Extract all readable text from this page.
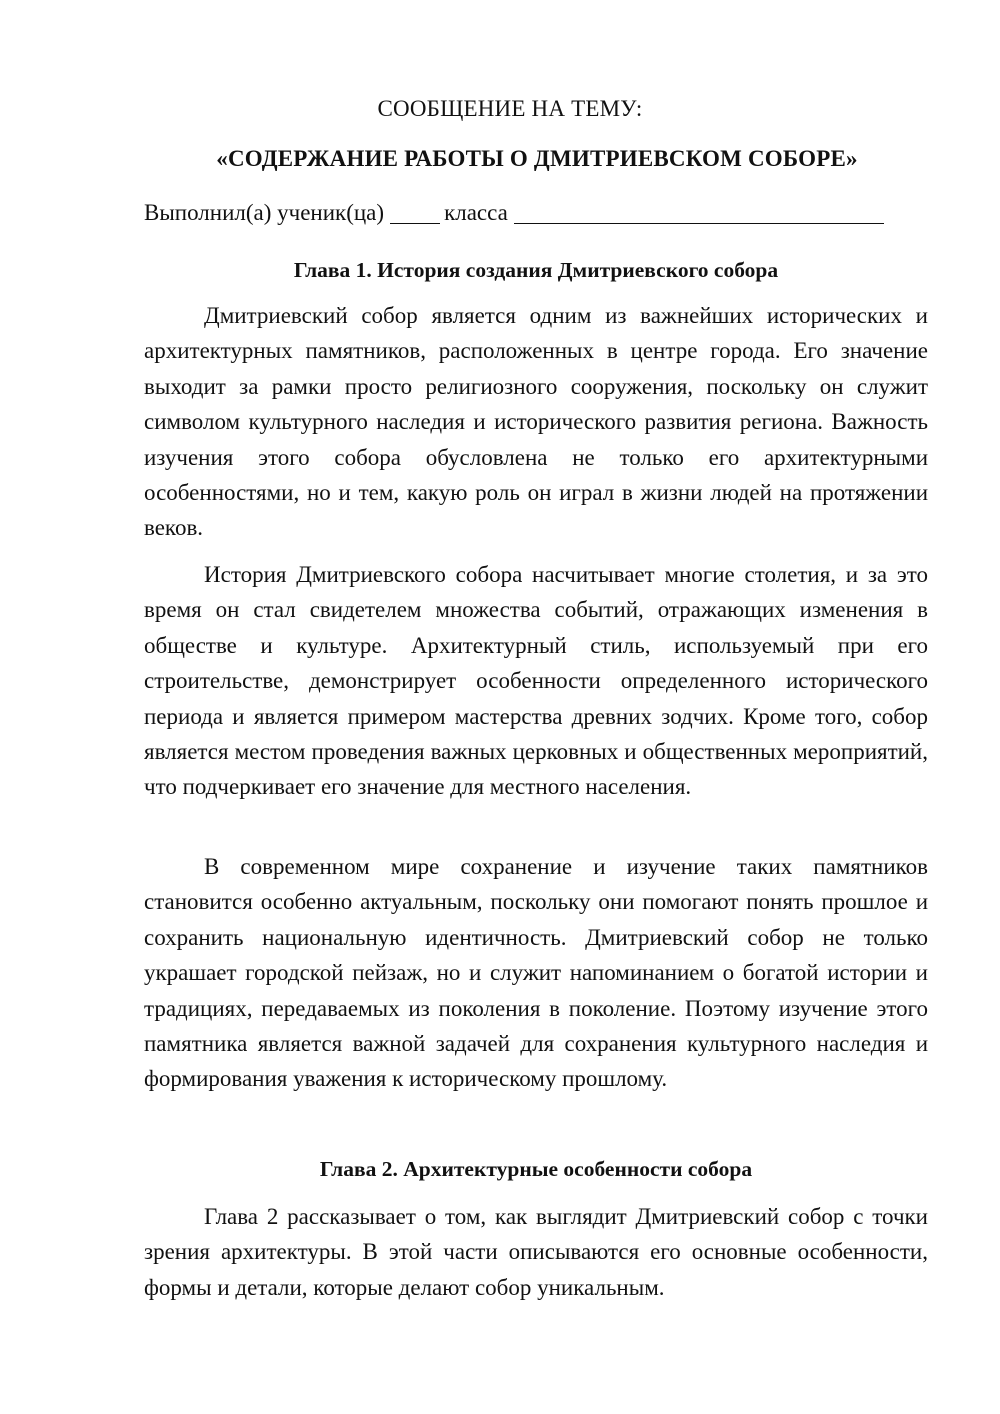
СООБЩЕНИЕ НА ТЕМУ:
«СОДЕРЖАНИЕ РАБОТЫ О ДМИТРИЕВСКОМ СОБОРЕ»
Выполнил(а) ученик(ца)	класса
Глава 1. История создания Дмитриевского собора

Дмитриевский собор является одним из важнейших исторических и архитектурных памятников, расположенных в центре города. Его значение выходит за рамки просто религиозного сооружения, поскольку он служит символом культурного наследия и исторического развития региона. Важность изучения этого собора обусловлена не только его архитектурными особенностями, но и тем, какую роль он играл в жизни людей на протяжении веков.

История Дмитриевского собора насчитывает многие столетия, и за это время он стал свидетелем множества событий, отражающих изменения в обществе и культуре. Архитектурный стиль, используемый при его строительстве, демонстрирует особенности определенного исторического периода и является примером мастерства древних зодчих. Кроме того, собор является местом проведения важных церковных и общественных мероприятий, что подчеркивает его значение для местного населения.

В современном мире сохранение и изучение таких памятников становится особенно актуальным, поскольку они помогают понять прошлое и сохранить национальную идентичность. Дмитриевский собор не только украшает городской пейзаж, но и служит напоминанием о богатой истории и традициях, передаваемых из поколения в поколение. Поэтому изучение этого памятника является важной задачей для сохранения культурного наследия и формирования уважения к историческому прошлому.

Глава 2. Архитектурные особенности собора

Глава 2 рассказывает о том, как выглядит Дмитриевский собор с точки зрения архитектуры. В этой части описываются его основные особенности, формы и детали, которые делают собор уникальным.
